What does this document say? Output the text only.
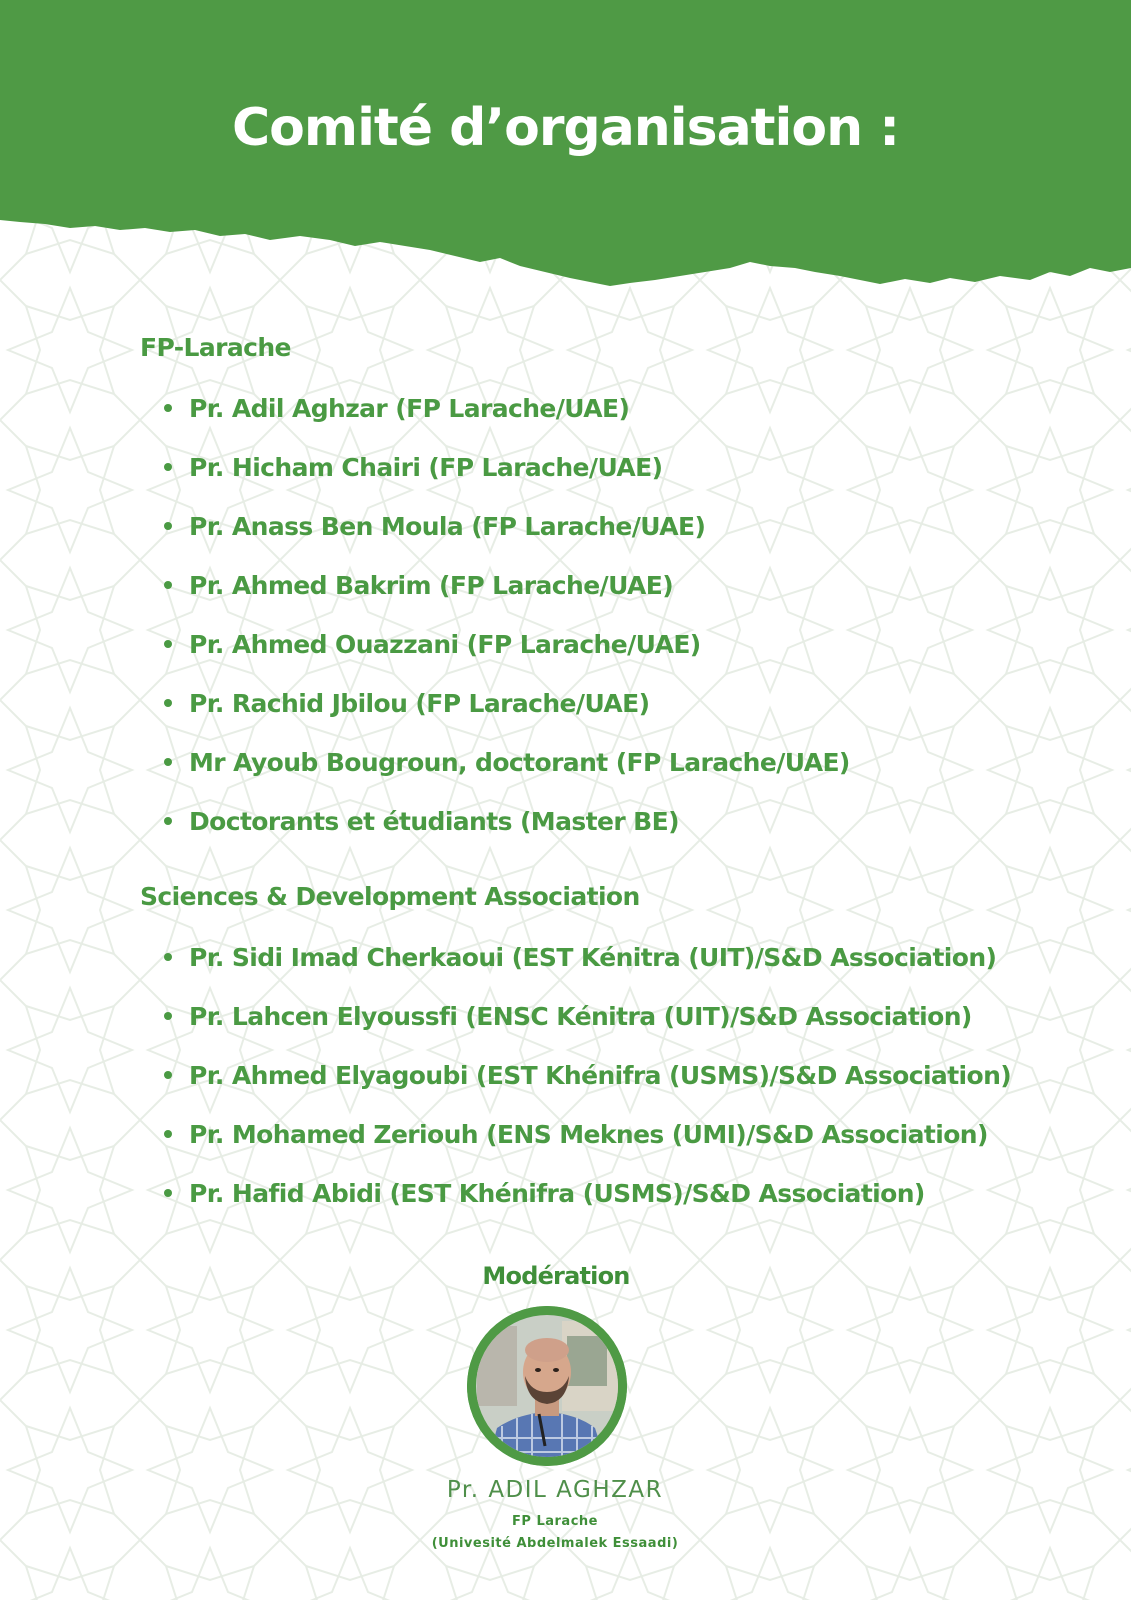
Comité d’organisation :
FP-Larache
Pr. Adil Aghzar (FP Larache/UAE)
Pr. Hicham Chairi (FP Larache/UAE)
Pr. Anass Ben Moula (FP Larache/UAE)
Pr. Ahmed Bakrim (FP Larache/UAE)
Pr. Ahmed Ouazzani (FP Larache/UAE)
Pr. Rachid Jbilou (FP Larache/UAE)
Mr Ayoub Bougroun, doctorant (FP Larache/UAE)
Doctorants et étudiants (Master BE)
Sciences & Development Association
Pr. Sidi Imad Cherkaoui (EST Kénitra (UIT)/S&D Association)
Pr. Lahcen Elyoussfi (ENSC Kénitra (UIT)/S&D Association)
Pr. Ahmed Elyagoubi (EST Khénifra (USMS)/S&D Association)
Pr. Mohamed Zeriouh (ENS Meknes (UMI)/S&D Association)
Pr. Hafid Abidi (EST Khénifra (USMS)/S&D Association)
Modération

Pr. ADIL AGHZAR

FP Larache

(Univesité Abdelmalek Essaadi)
